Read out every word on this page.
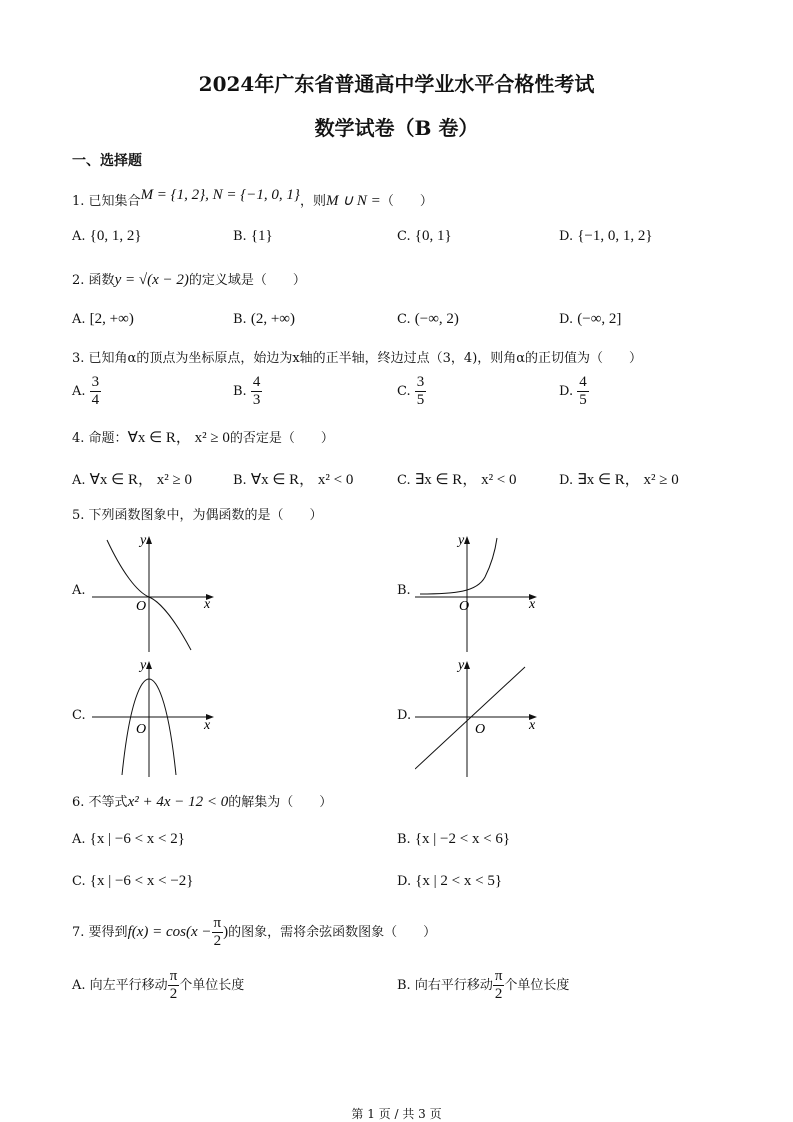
2024年广东省普通高中学业水平合格性考试
数学试卷（B 卷）
一、选择题
1. 已知集合M = {1, 2}, N = {−1, 0, 1}，则M ∪ N =（　　）
A. {0, 1, 2}	B. {1}	C. {0, 1}	D. {−1, 0, 1, 2}
2. 函数y = √(x − 2)的定义域是（　　）
A. [2, +∞)	B. (2, +∞)	C. (−∞, 2)	D. (−∞, 2]
3. 已知角α的顶点为坐标原点，始边为x轴的正半轴，终边过点（3，4)，则角α的正切值为（　　）
A. $\frac{3}{4}$	B. $\frac{4}{3}$	C. $\frac{3}{5}$	D. $\frac{4}{5}$
4. 命题：∀x ∈ R， x² ≥ 0的否定是（　　）
A. ∀x ∈ R， x² ≥ 0	B. ∀x ∈ R， x² < 0	C. ∃x ∈ R， x² < 0	D. ∃x ∈ R， x² ≥ 0
5. 下列函数图象中，为偶函数的是（　　）
A.
O	x
y
B.
O	x
y
C.
O	x
y
D.
O	x
y
6. 不等式x² + 4x − 12 < 0的解集为（　　）
A. {x | −6 < x < 2}	B. {x | −2 < x < 6}
C. {x | −6 < x < −2}	D. {x | 2 < x < 5}
7. 要得到$f(x) = \cos(x - \frac{\pi}{2}$ )的图象，需将余弦函数图象（　　）
A. 向左平行移动 $\frac{\pi}{2}$ 个单位长度	B. 向右平行移动 $\frac{\pi}{2}$ 个单位长度
第 1 页 / 共 3 页
